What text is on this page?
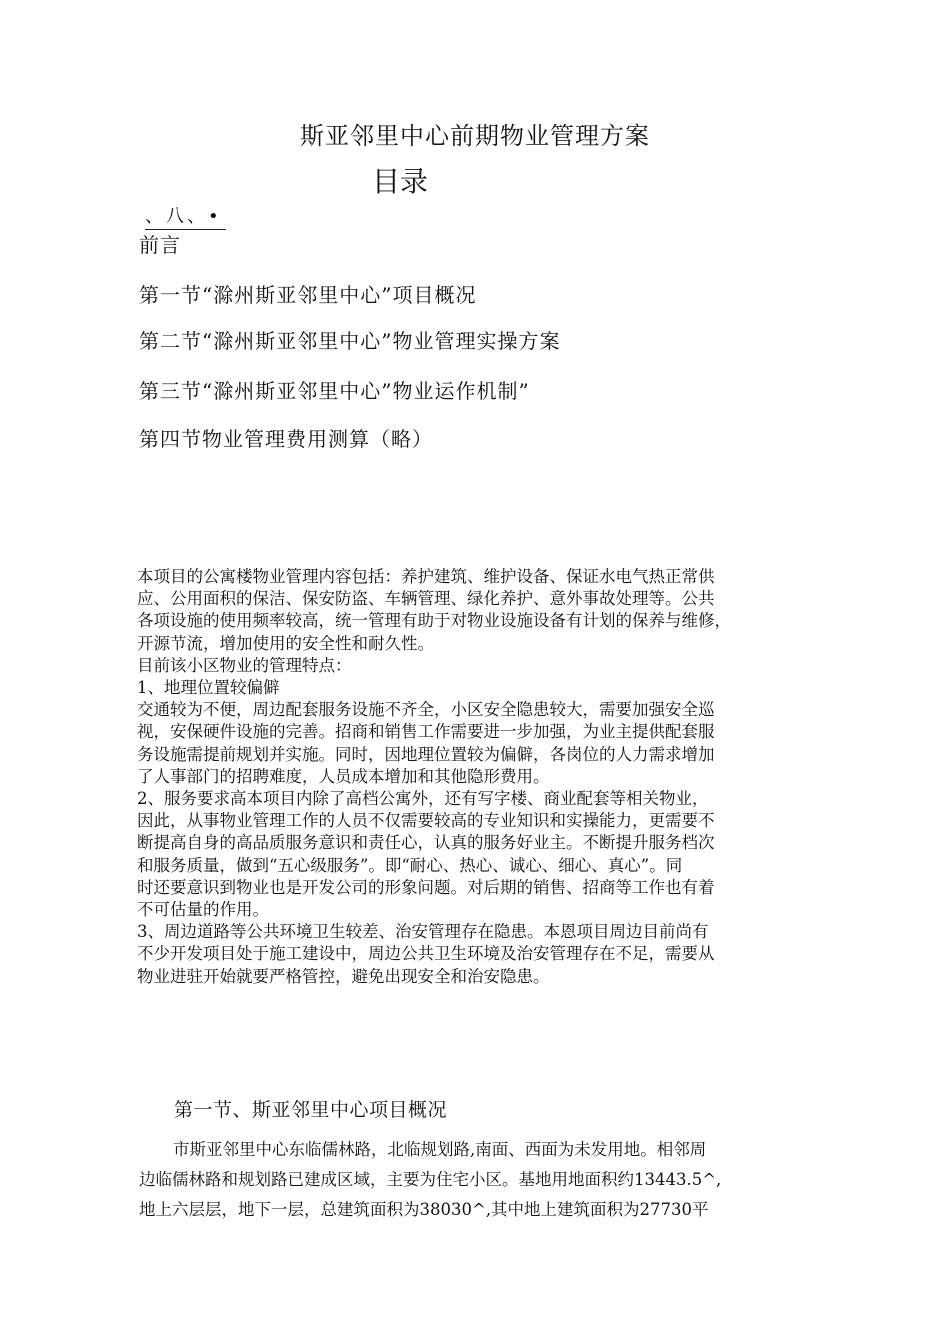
斯亚邻里中心前期物业管理方案
目录
、八、•
前言
第一节“滁州斯亚邻里中心”项目概况
第二节“滁州斯亚邻里中心”物业管理实操方案
第三节“滁州斯亚邻里中心”物业运作机制”
第四节物业管理费用测算（略）

本项目的公寓楼物业管理内容包括：养护建筑、维护设备、保证水电气热正常供

应、公用面积的保洁、保安防盗、车辆管理、绿化养护、意外事故处理等。公共

各项设施的使用频率较高，统一管理有助于对物业设施设备有计划的保养与维修，

开源节流，增加使用的安全性和耐久性。

目前该小区物业的管理特点：

1、地理位置较偏僻

交通较为不便，周边配套服务设施不齐全，小区安全隐患较大，需要加强安全巡

视，安保硬件设施的完善。招商和销售工作需要进一步加强，为业主提供配套服

务设施需提前规划并实施。同时，因地理位置较为偏僻，各岗位的人力需求增加

了人事部门的招聘难度，人员成本增加和其他隐形费用。

2、服务要求高本项目内除了高档公寓外，还有写字楼、商业配套等相关物业，

因此，从事物业管理工作的人员不仅需要较高的专业知识和实操能力，更需要不

断提高自身的高品质服务意识和责任心，认真的服务好业主。不断提升服务档次

和服务质量，做到“五心级服务”。即“耐心、热心、诚心、细心、真心”。同

时还要意识到物业也是开发公司的形象问题。对后期的销售、招商等工作也有着

不可估量的作用。

3、周边道路等公共环境卫生较差、治安管理存在隐患。本恩项目周边目前尚有

不少开发项目处于施工建设中，周边公共卫生环境及治安管理存在不足，需要从

物业进驻开始就要严格管控，避免出现安全和治安隐患。

第一节、斯亚邻里中心项目概况

市斯亚邻里中心东临儒林路，北临规划路,南面、西面为未发用地。相邻周

边临儒林路和规划路已建成区域，主要为住宅小区。基地用地面积约13443.5^,

地上六层层，地下一层，总建筑面积为38030^,其中地上建筑面积为27730平
